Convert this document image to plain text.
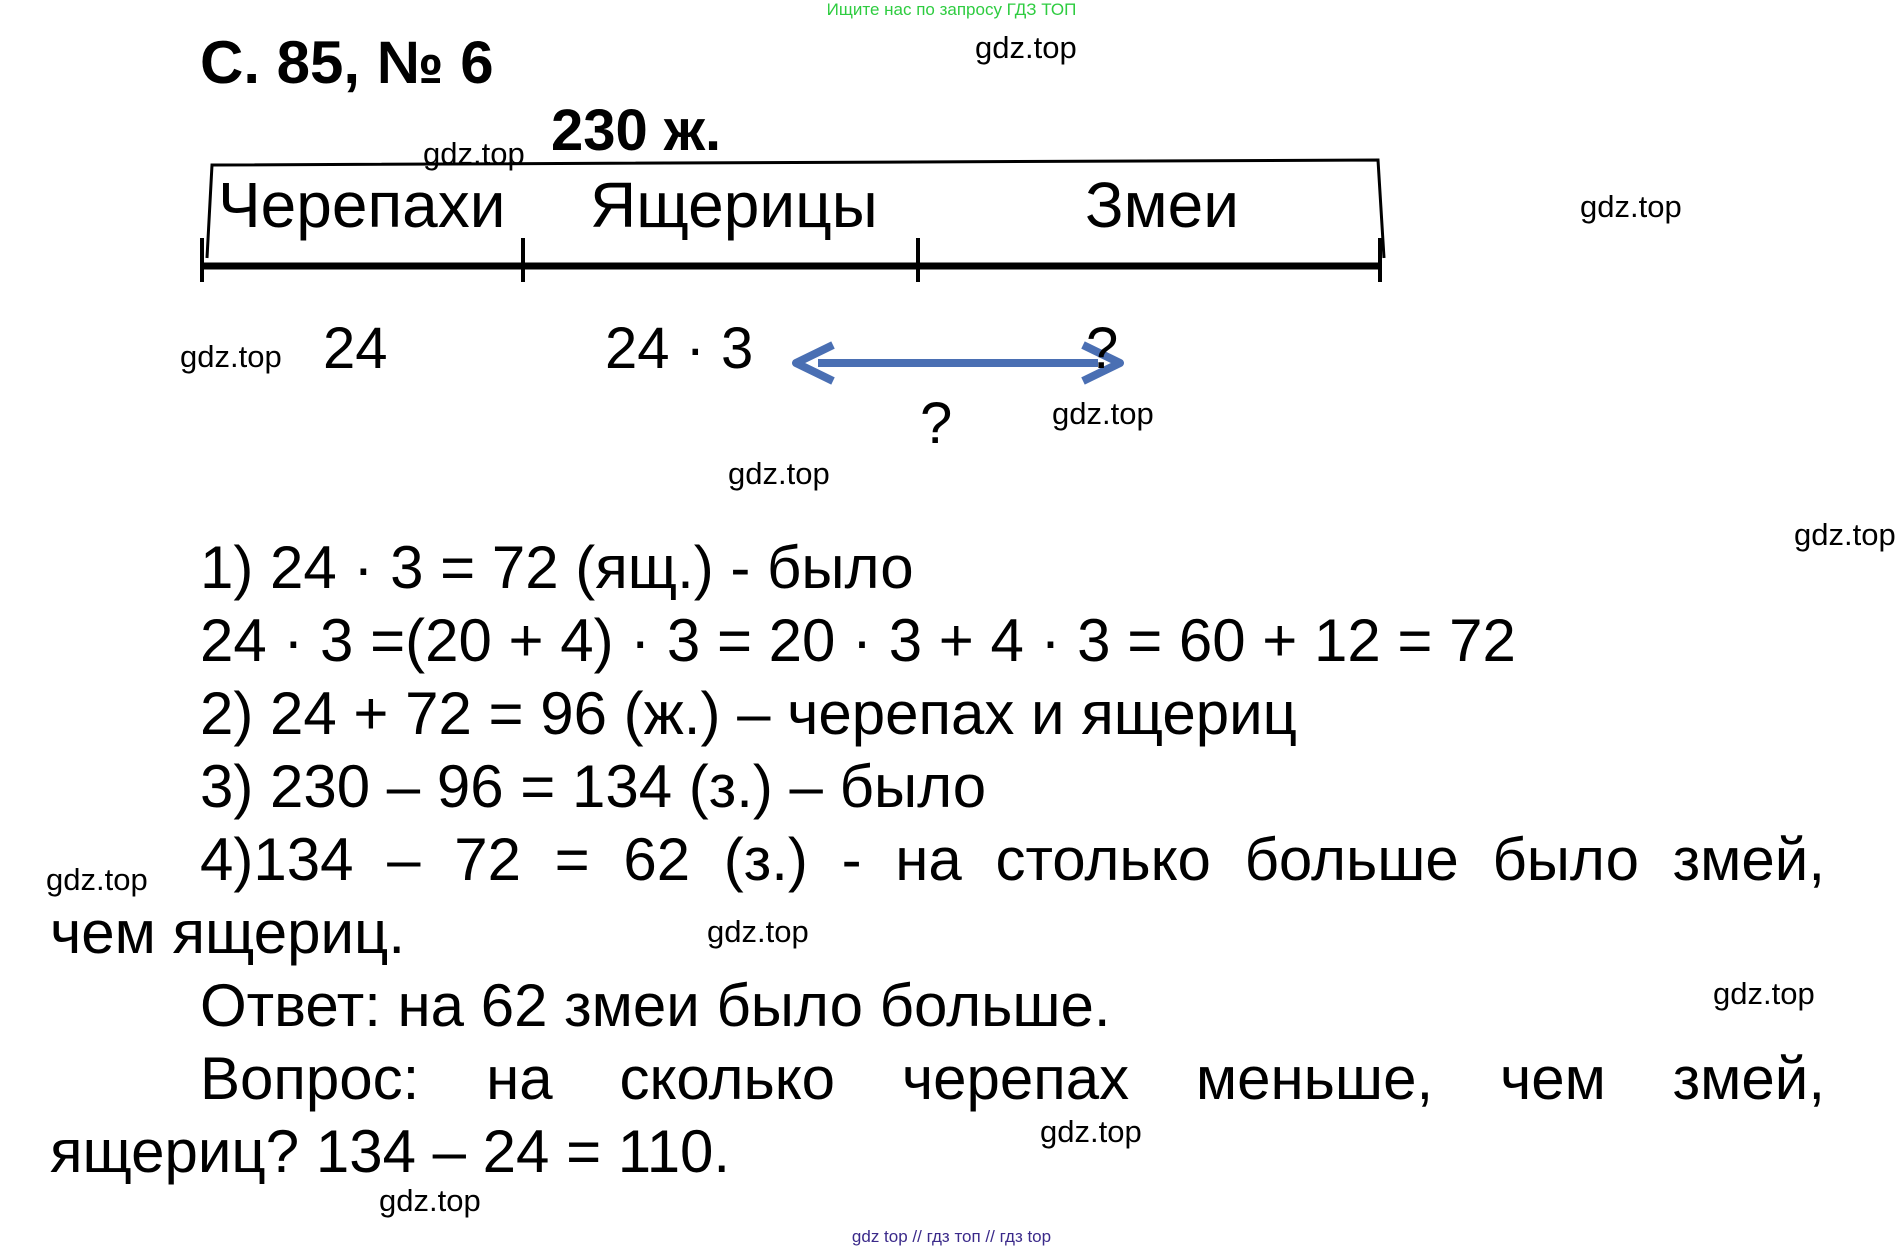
Ищите нас по запросу ГДЗ ТОП
С. 85, № 6	gdz.top
gdz.top
gdz.top
gdz.top
gdz.top
gdz.top
gdz.top
gdz.top
gdz.top
gdz.top
gdz.top
gdz.top
230 ж.
Черепахи Ящерицы	Змеи
24	24 · 3	?
?
1) 24 · 3 = 72 (ящ.) - было
24 · 3 =(20 + 4) · 3 = 20 · 3 + 4 · 3 = 60 + 12 = 72
2) 24 + 72 = 96 (ж.) – черепах и ящериц
3) 230 – 96 = 134 (з.) – было
4)134 – 72 = 62 (з.) - на столько больше было змей,
чем ящериц.
Ответ: на 62 змеи было больше.
Вопрос: на сколько черепах меньше, чем змей,
ящериц? 134 – 24 = 110.
gdz top // гдз топ // гдз top
